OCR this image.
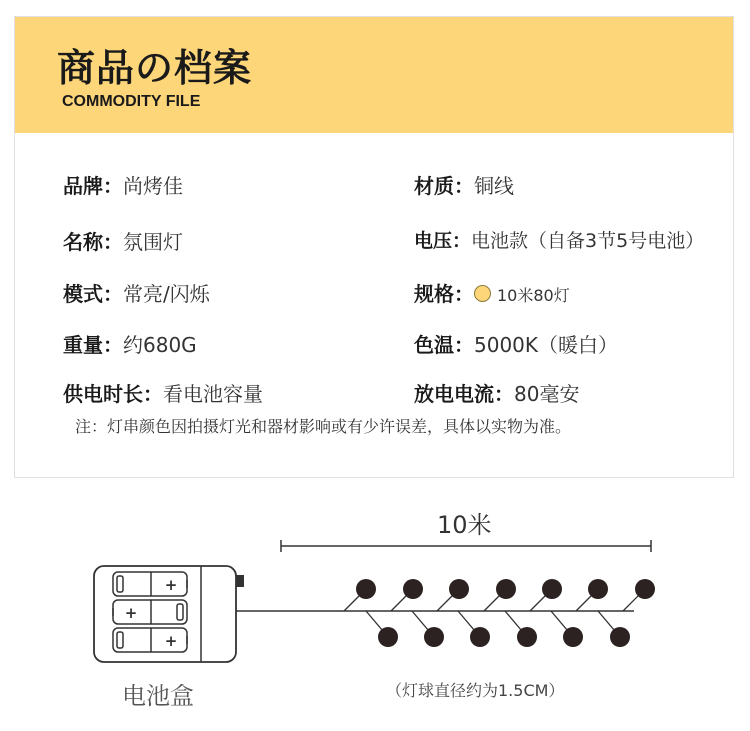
商品の档案
COMMODITY FILE
品牌：尚烤佳
名称：氛围灯
模式：常亮/闪烁
重量：约680G
供电时长：看电池容量
材质：铜线
电压：电池款（自备3节5号电池）
规格： 10米80灯
色温：5000K（暖白）
放电电流：80毫安
注：灯串颜色因拍摄灯光和器材影响或有少许误差，具体以实物为准。
10米
+
+
+
电池盒	（灯球直径约为1.5CM）
